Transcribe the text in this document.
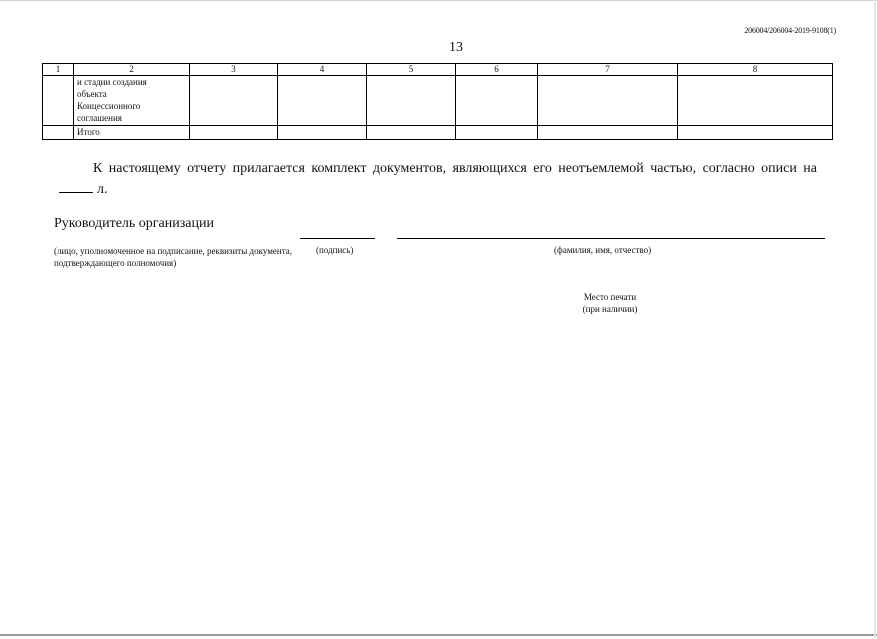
206004/206004-2019-9108(1)
13
1	2	3	4	5	6	7	8

	и стадии создания
объекта
Концессионного
соглашения						

	Итого						
К настоящему отчету прилагается комплект документов, являющихся его неотъемлемой частью, согласно описи нал.
Руководитель организации
(лицо, уполномоченное на подписание, реквизиты документа, подтверждающего полномочия)
(подпись)	(фамилия, имя, отчество)
Место печати
(при наличии)
